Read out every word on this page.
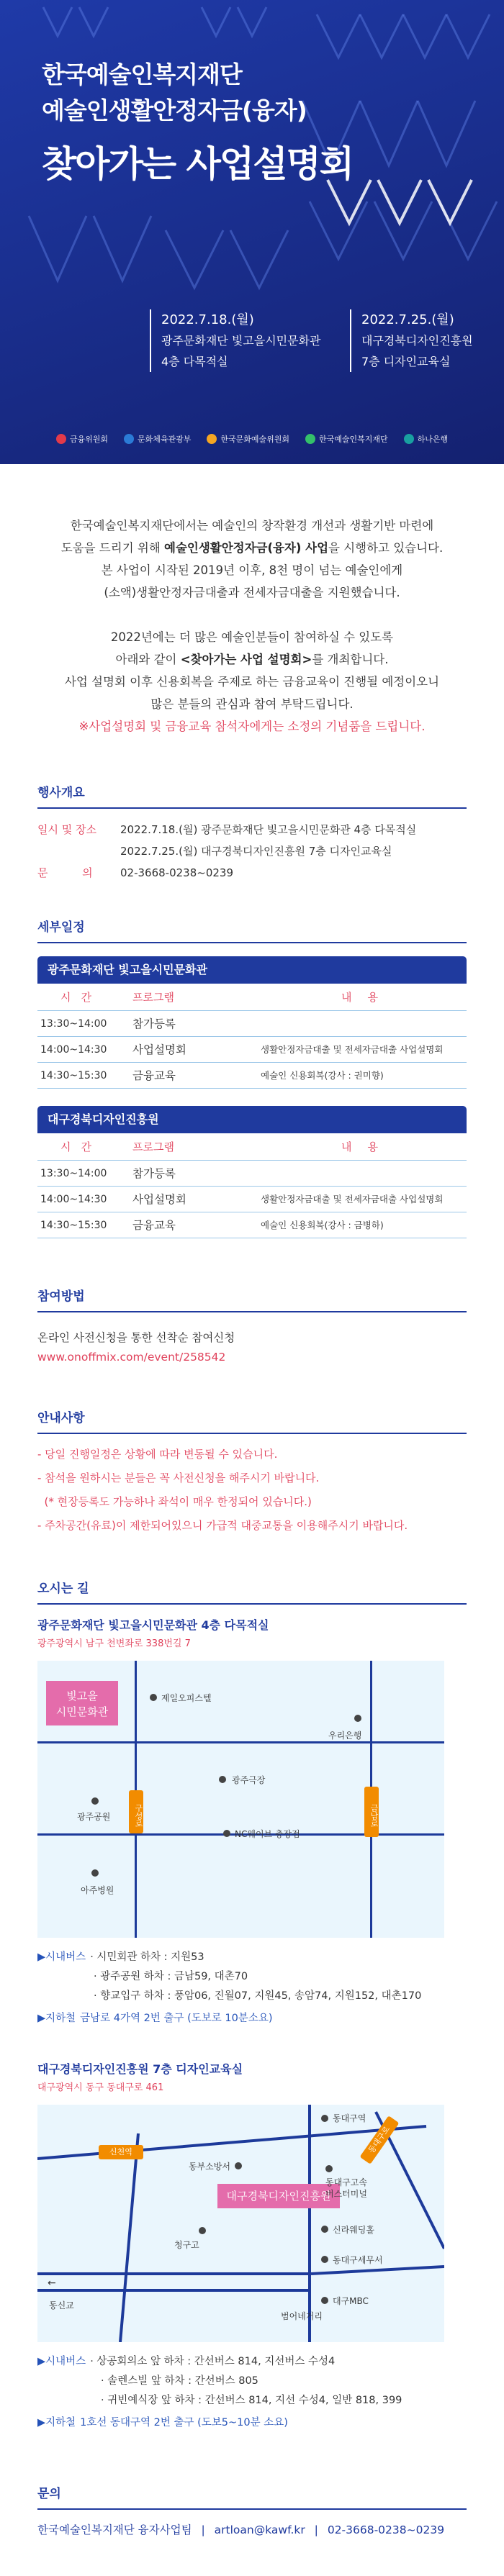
한국예술인복지재단
예술인생활안정자금(융자)
찾아가는 사업설명회
2022.7.18.(월)
광주문화재단 빛고을시민문화관
4층 다목적실
2022.7.25.(월)
대구경북디자인진흥원
7층 디자인교육실
금융위원회	문화체육관광부	한국문화예술위원회	한국예술인복지재단	하나은행
한국예술인복지재단에서는 예술인의 창작환경 개선과 생활기반 마련에
도움을 드리기 위해 예술인생활안정자금(융자) 사업을 시행하고 있습니다.
본 사업이 시작된 2019년 이후, 8천 명이 넘는 예술인에게
(소액)생활안정자금대출과 전세자금대출을 지원했습니다.
2022년에는 더 많은 예술인분들이 참여하실 수 있도록
아래와 같이 <찾아가는 사업 설명회>를 개최합니다.
사업 설명회 이후 신용회복을 주제로 하는 금융교육이 진행될 예정이오니
많은 분들의 관심과 참여 부탁드립니다.
※사업설명회 및 금융교육 참석자에게는 소정의 기념품을 드립니다.
행사개요
일시 및 장소	2022.7.18.(월) 광주문화재단 빛고을시민문화관 4층 다목적실
2022.7.25.(월) 대구경북디자인진흥원 7층 디자인교육실
문          의	02-3668-0238~0239
세부일정
광주문화재단 빛고을시민문화관
시간	프로그램	내용
13:30~14:00	참가등록
14:00~14:30	사업설명회	생활안정자금대출 및 전세자금대출 사업설명회
14:30~15:30	금융교육	예술인 신용회복(강사 : 권미향)
대구경북디자인진흥원
시간	프로그램	내용
13:30~14:00	참가등록
14:00~14:30	사업설명회	생활안정자금대출 및 전세자금대출 사업설명회
14:30~15:30	금융교육	예술인 신용회복(강사 : 금병하)
참여방법
온라인 사전신청을 통한 선착순 참여신청
www.onoffmix.com/event/258542
안내사항
- 당일 진행일정은 상황에 따라 변동될 수 있습니다.
- 참석을 원하시는 분들은 꼭 사전신청을 해주시기 바랍니다.
(* 현장등록도 가능하나 좌석이 매우 한정되어 있습니다.)
- 주차공간(유료)이 제한되어있으니 가급적 대중교통을 이용해주시기 바랍니다.
오시는 길
광주문화재단 빛고을시민문화관 4층 다목적실
광주광역시 남구 천변좌로 338번길 7
빛고을
시민문화관
제일오피스텔
우리은행
광주극장
광주공원
NC웨이브 충장점
아주병원
구성로	금남로
▶시내버스 · 시민회관 하차 : 지원53
· 광주공원 하차 : 금남59, 대촌70
· 향교입구 하차 : 풍암06, 진월07, 지원45, 송암74, 지원152, 대촌170
▶지하철 금남로 4가역 2번 출구 (도보로 10분소요)
대구경북디자인진흥원 7층 디자인교육실
대구광역시 동구 동대구로 461
신천역	동대구로
대구경북디자인진흥원
동대구역
동부소방서
동대구고속
버스터미널
신라웨딩홀
동대구세무서
청구고
동신교	대구MBC
범어네거리
←
▶시내버스 · 상공회의소 앞 하차 : 간선버스 814, 지선버스 수성4
· 솔렌스빌 앞 하차 : 간선버스 805
· 귀빈예식장 앞 하차 : 간선버스 814, 지선 수성4, 일반 818, 399
▶지하철 1호선 동대구역 2번 출구 (도보5~10분 소요)
문의
한국예술인복지재단 융자사업팀 | artloan@kawf.kr | 02-3668-0238~0239
